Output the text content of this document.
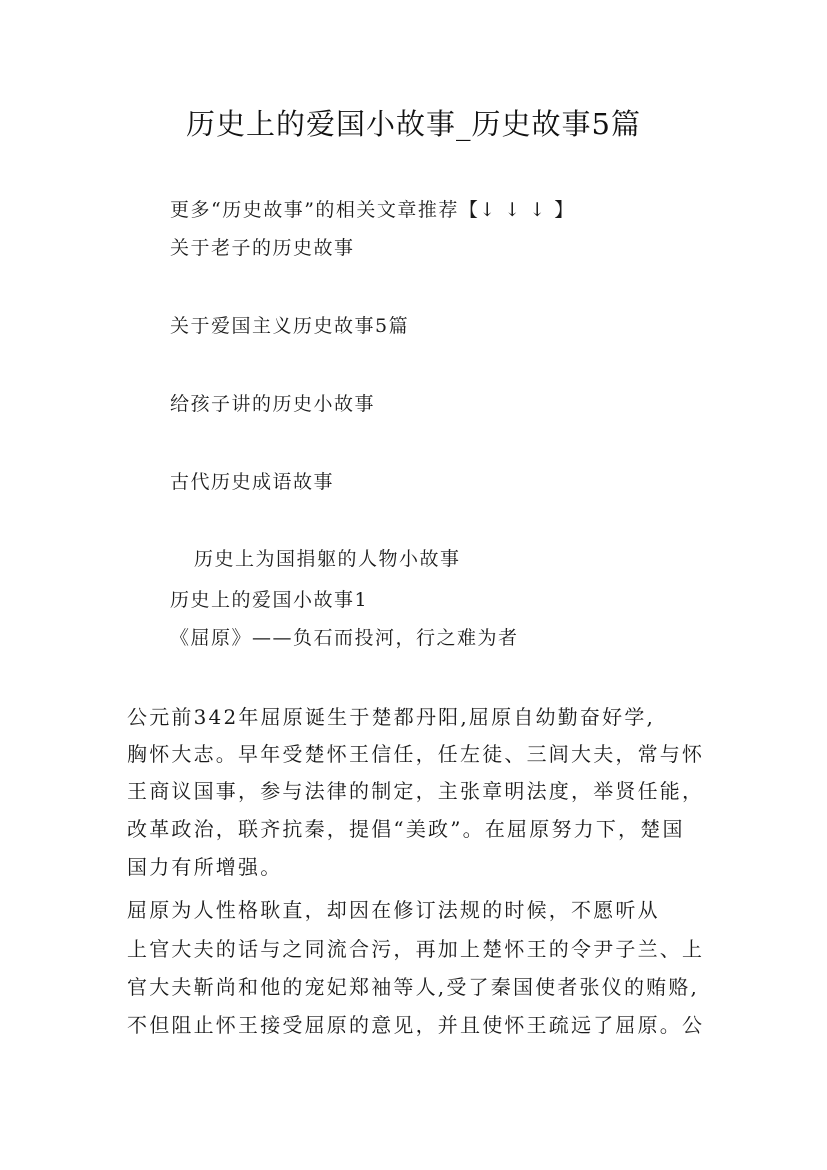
历史上的爱国小故事_历史故事5篇
更多“历史故事”的相关文章推荐【↓ ↓ ↓ 】
关于老子的历史故事
关于爱国主义历史故事5篇
给孩子讲的历史小故事
古代历史成语故事
历史上为国捐躯的人物小故事
历史上的爱国小故事1
《屈原》——负石而投河，行之难为者
公元前342年屈原诞生于楚都丹阳,屈原自幼勤奋好学,
胸怀大志。早年受楚怀王信任，任左徒、三闾大夫，常与怀
王商议国事，参与法律的制定，主张章明法度，举贤任能，
改革政治，联齐抗秦，提倡“美政”。在屈原努力下，楚国
国力有所增强。
屈原为人性格耿直，却因在修订法规的时候，不愿听从
上官大夫的话与之同流合污，再加上楚怀王的令尹子兰、上
官大夫靳尚和他的宠妃郑袖等人,受了秦国使者张仪的贿赂,
不但阻止怀王接受屈原的意见，并且使怀王疏远了屈原。公
